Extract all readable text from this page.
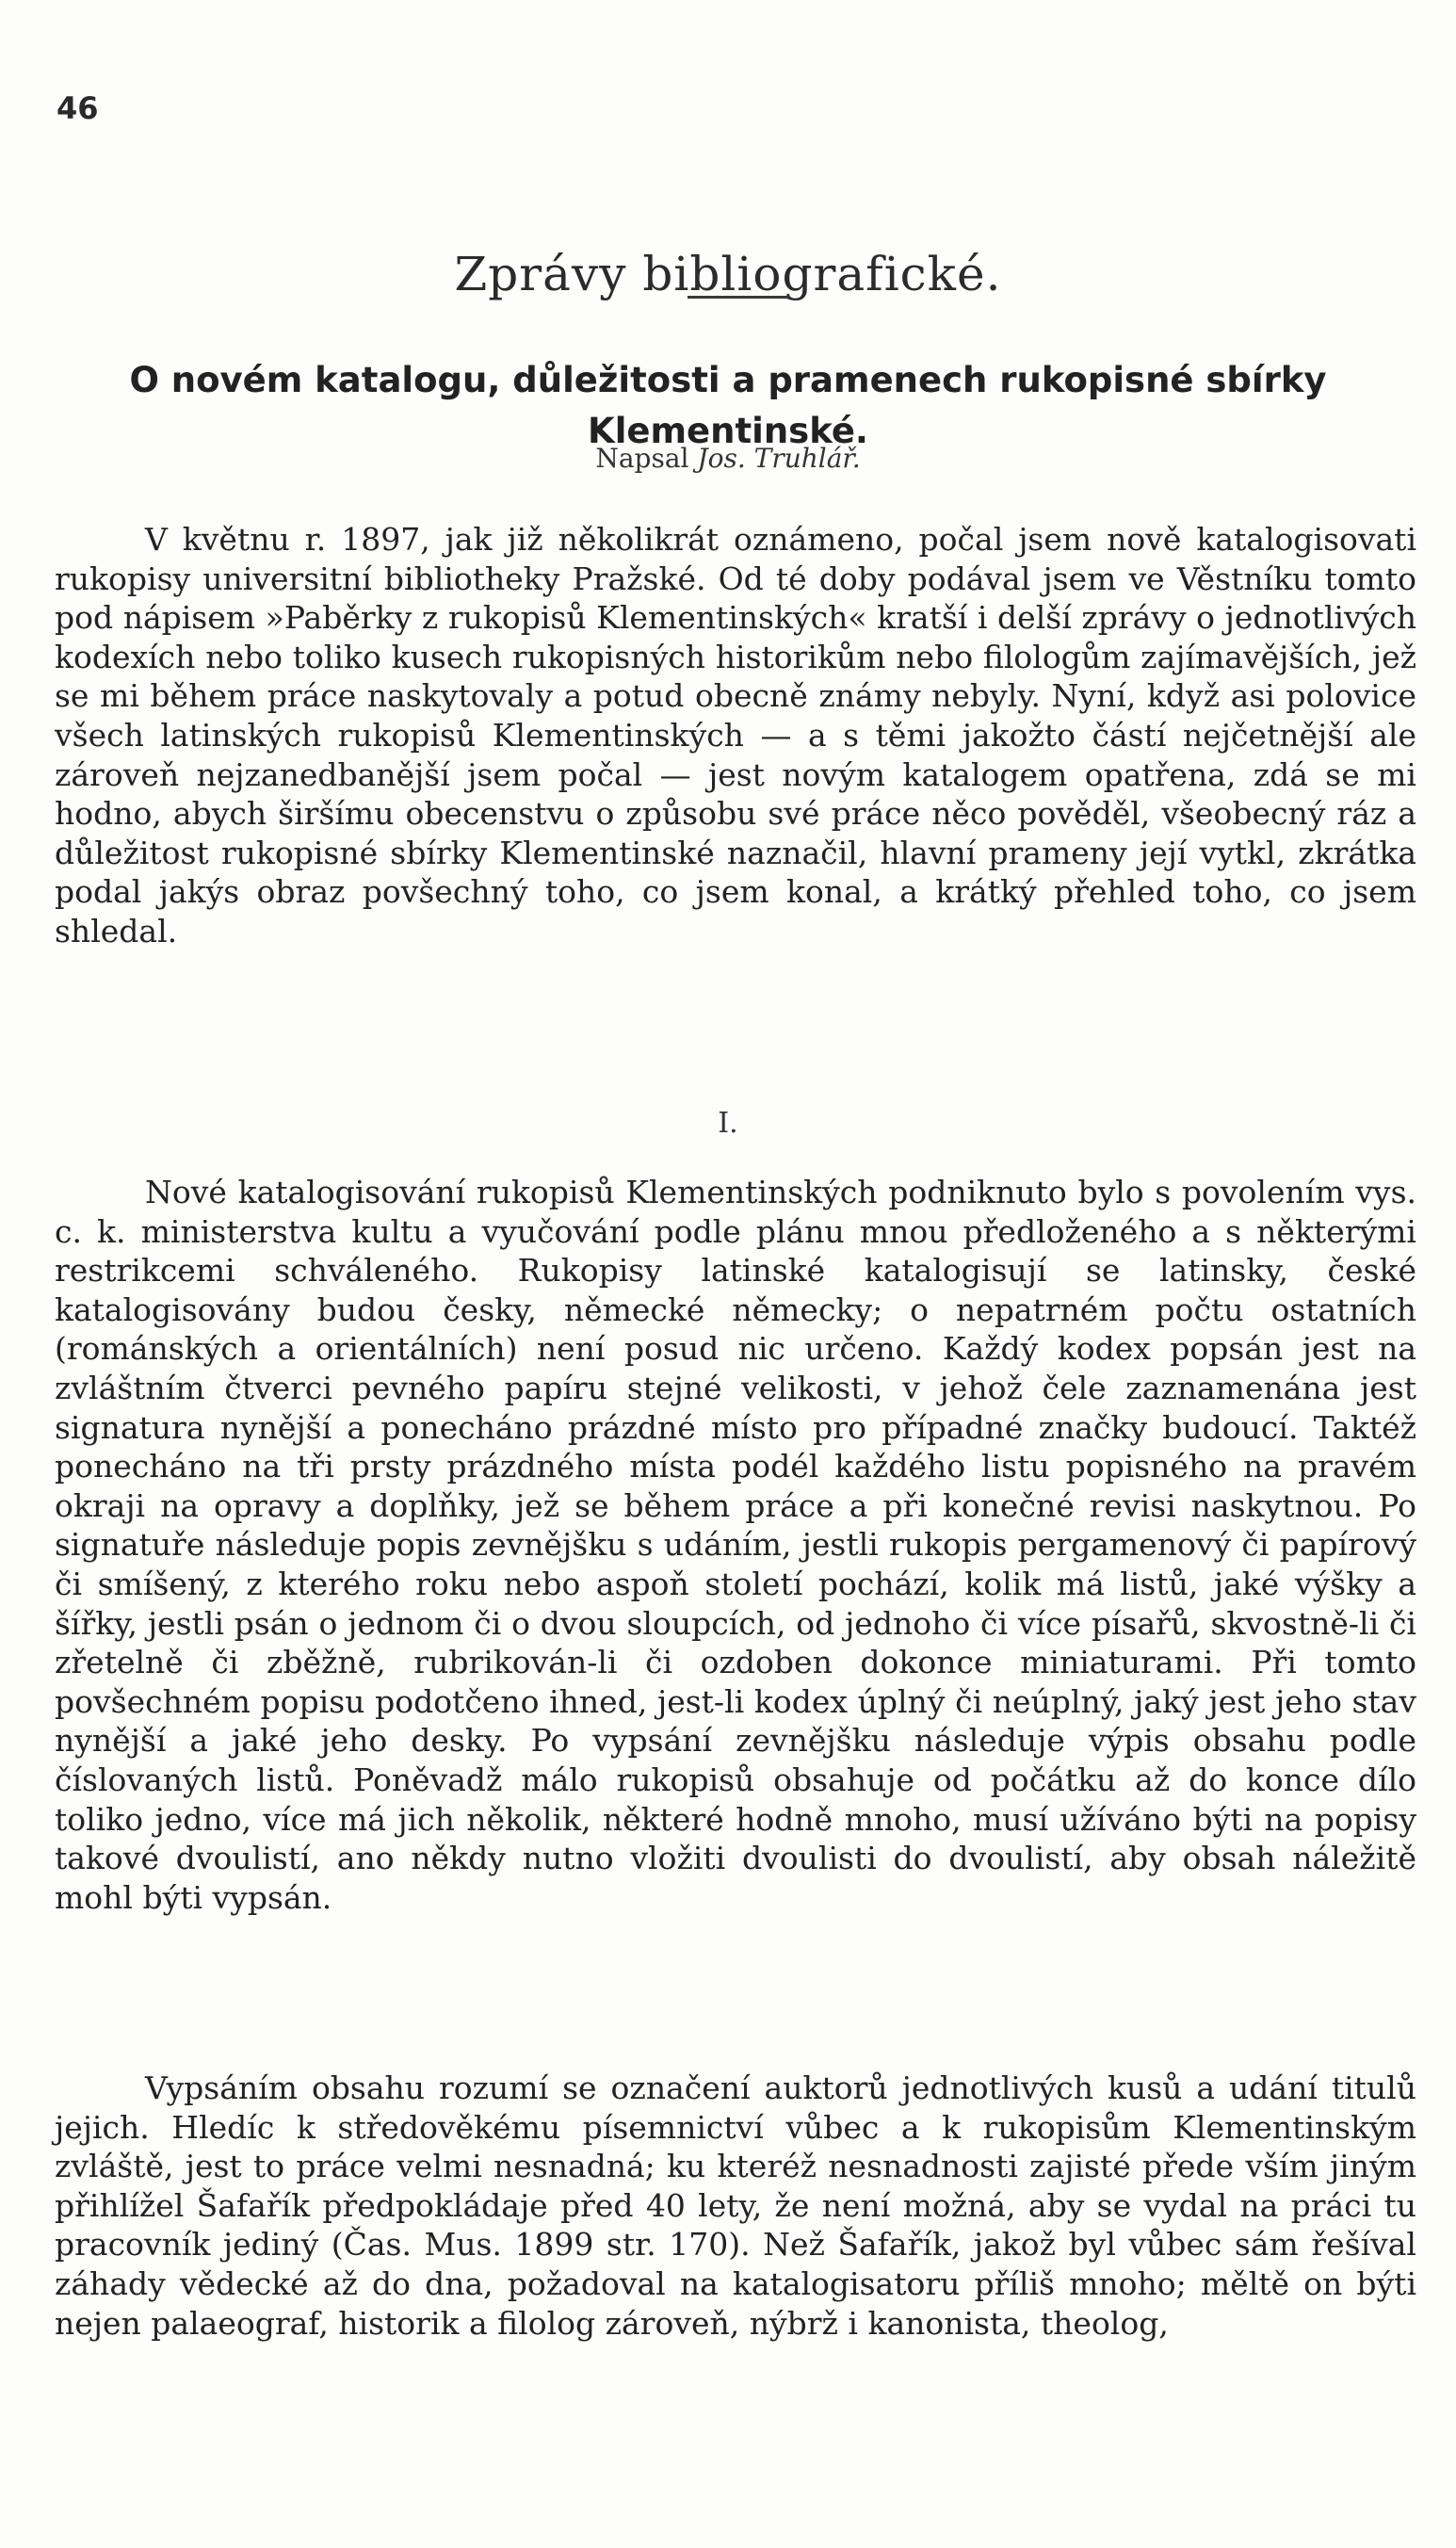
46
Zprávy bibliografické.
O novém katalogu, důležitosti a pramenech rukopisné sbírky
Klementinské.
Napsal Jos. Truhlář.

V květnu r. 1897, jak již několikrát oznámeno, počal jsem nově katalogisovati rukopisy universitní bibliotheky Pražské. Od té doby podával jsem ve Věstníku tomto pod nápisem »Paběrky z rukopisů Klementinských« kratší i delší zprávy o jednotlivých kodexích nebo toliko kusech rukopisných historikům nebo filologům zajímavějších, jež se mi během práce naskytovaly a potud obecně známy nebyly. Nyní, když asi polovice všech latinských rukopisů Klementinských — a s těmi jakožto částí nejčetnější ale zároveň nejzanedbanější jsem počal — jest novým katalogem opatřena, zdá se mi hodno, abych širšímu obecenstvu o způsobu své práce něco pověděl, všeobecný ráz a důležitost rukopisné sbírky Klementinské naznačil, hlavní prameny její vytkl, zkrátka podal jakýs obraz povšechný toho, co jsem konal, a krátký přehled toho, co jsem shledal.

I.

Nové katalogisování rukopisů Klementinských podniknuto bylo s povolením vys. c. k. ministerstva kultu a vyučování podle plánu mnou předloženého a s některými restrikcemi schváleného. Rukopisy latinské katalogisují se latinsky, české katalogisovány budou česky, německé německy; o nepatrném počtu ostatních (románských a orientálních) není posud nic určeno. Každý kodex popsán jest na zvláštním čtverci pevného papíru stejné velikosti, v jehož čele zaznamenána jest signatura nynější a ponecháno prázdné místo pro případné značky budoucí. Taktéž ponecháno na tři prsty prázdného místa podél každého listu popisného na pravém okraji na opravy a doplňky, jež se během práce a při konečné revisi naskytnou. Po signatuře následuje popis zevnějšku s udáním, jestli rukopis pergamenový či papírový či smíšený, z kterého roku nebo aspoň století pochází, kolik má listů, jaké výšky a šířky, jestli psán o jednom či o dvou sloupcích, od jednoho či více písařů, skvostně-li či zřetelně či zběžně, rubrikován-li či ozdoben dokonce miniaturami. Při tomto povšechném popisu podotčeno ihned, jest-li kodex úplný či neúplný, jaký jest jeho stav nynější a jaké jeho desky. Po vypsání zevnějšku následuje výpis obsahu podle číslovaných listů. Poněvadž málo rukopisů obsahuje od počátku až do konce dílo toliko jedno, více má jich několik, některé hodně mnoho, musí užíváno býti na popisy takové dvoulistí, ano někdy nutno vložiti dvoulisti do dvoulistí, aby obsah náležitě mohl býti vypsán.

Vypsáním obsahu rozumí se označení auktorů jednotlivých kusů a udání titulů jejich. Hledíc k středověkému písemnictví vůbec a k rukopisům Klementinským zvláště, jest to práce velmi nesnadná; ku kteréž nesnadnosti zajisté přede vším jiným přihlížel Šafařík předpokládaje před 40 lety, že není možná, aby se vydal na práci tu pracovník jediný (Čas. Mus. 1899 str. 170). Než Šafařík, jakož byl vůbec sám řešíval záhady vědecké až do dna, požadoval na katalogisatoru příliš mnoho; měltě on býti nejen palaeograf, historik a filolog zároveň, nýbrž i kanonista, theolog,
